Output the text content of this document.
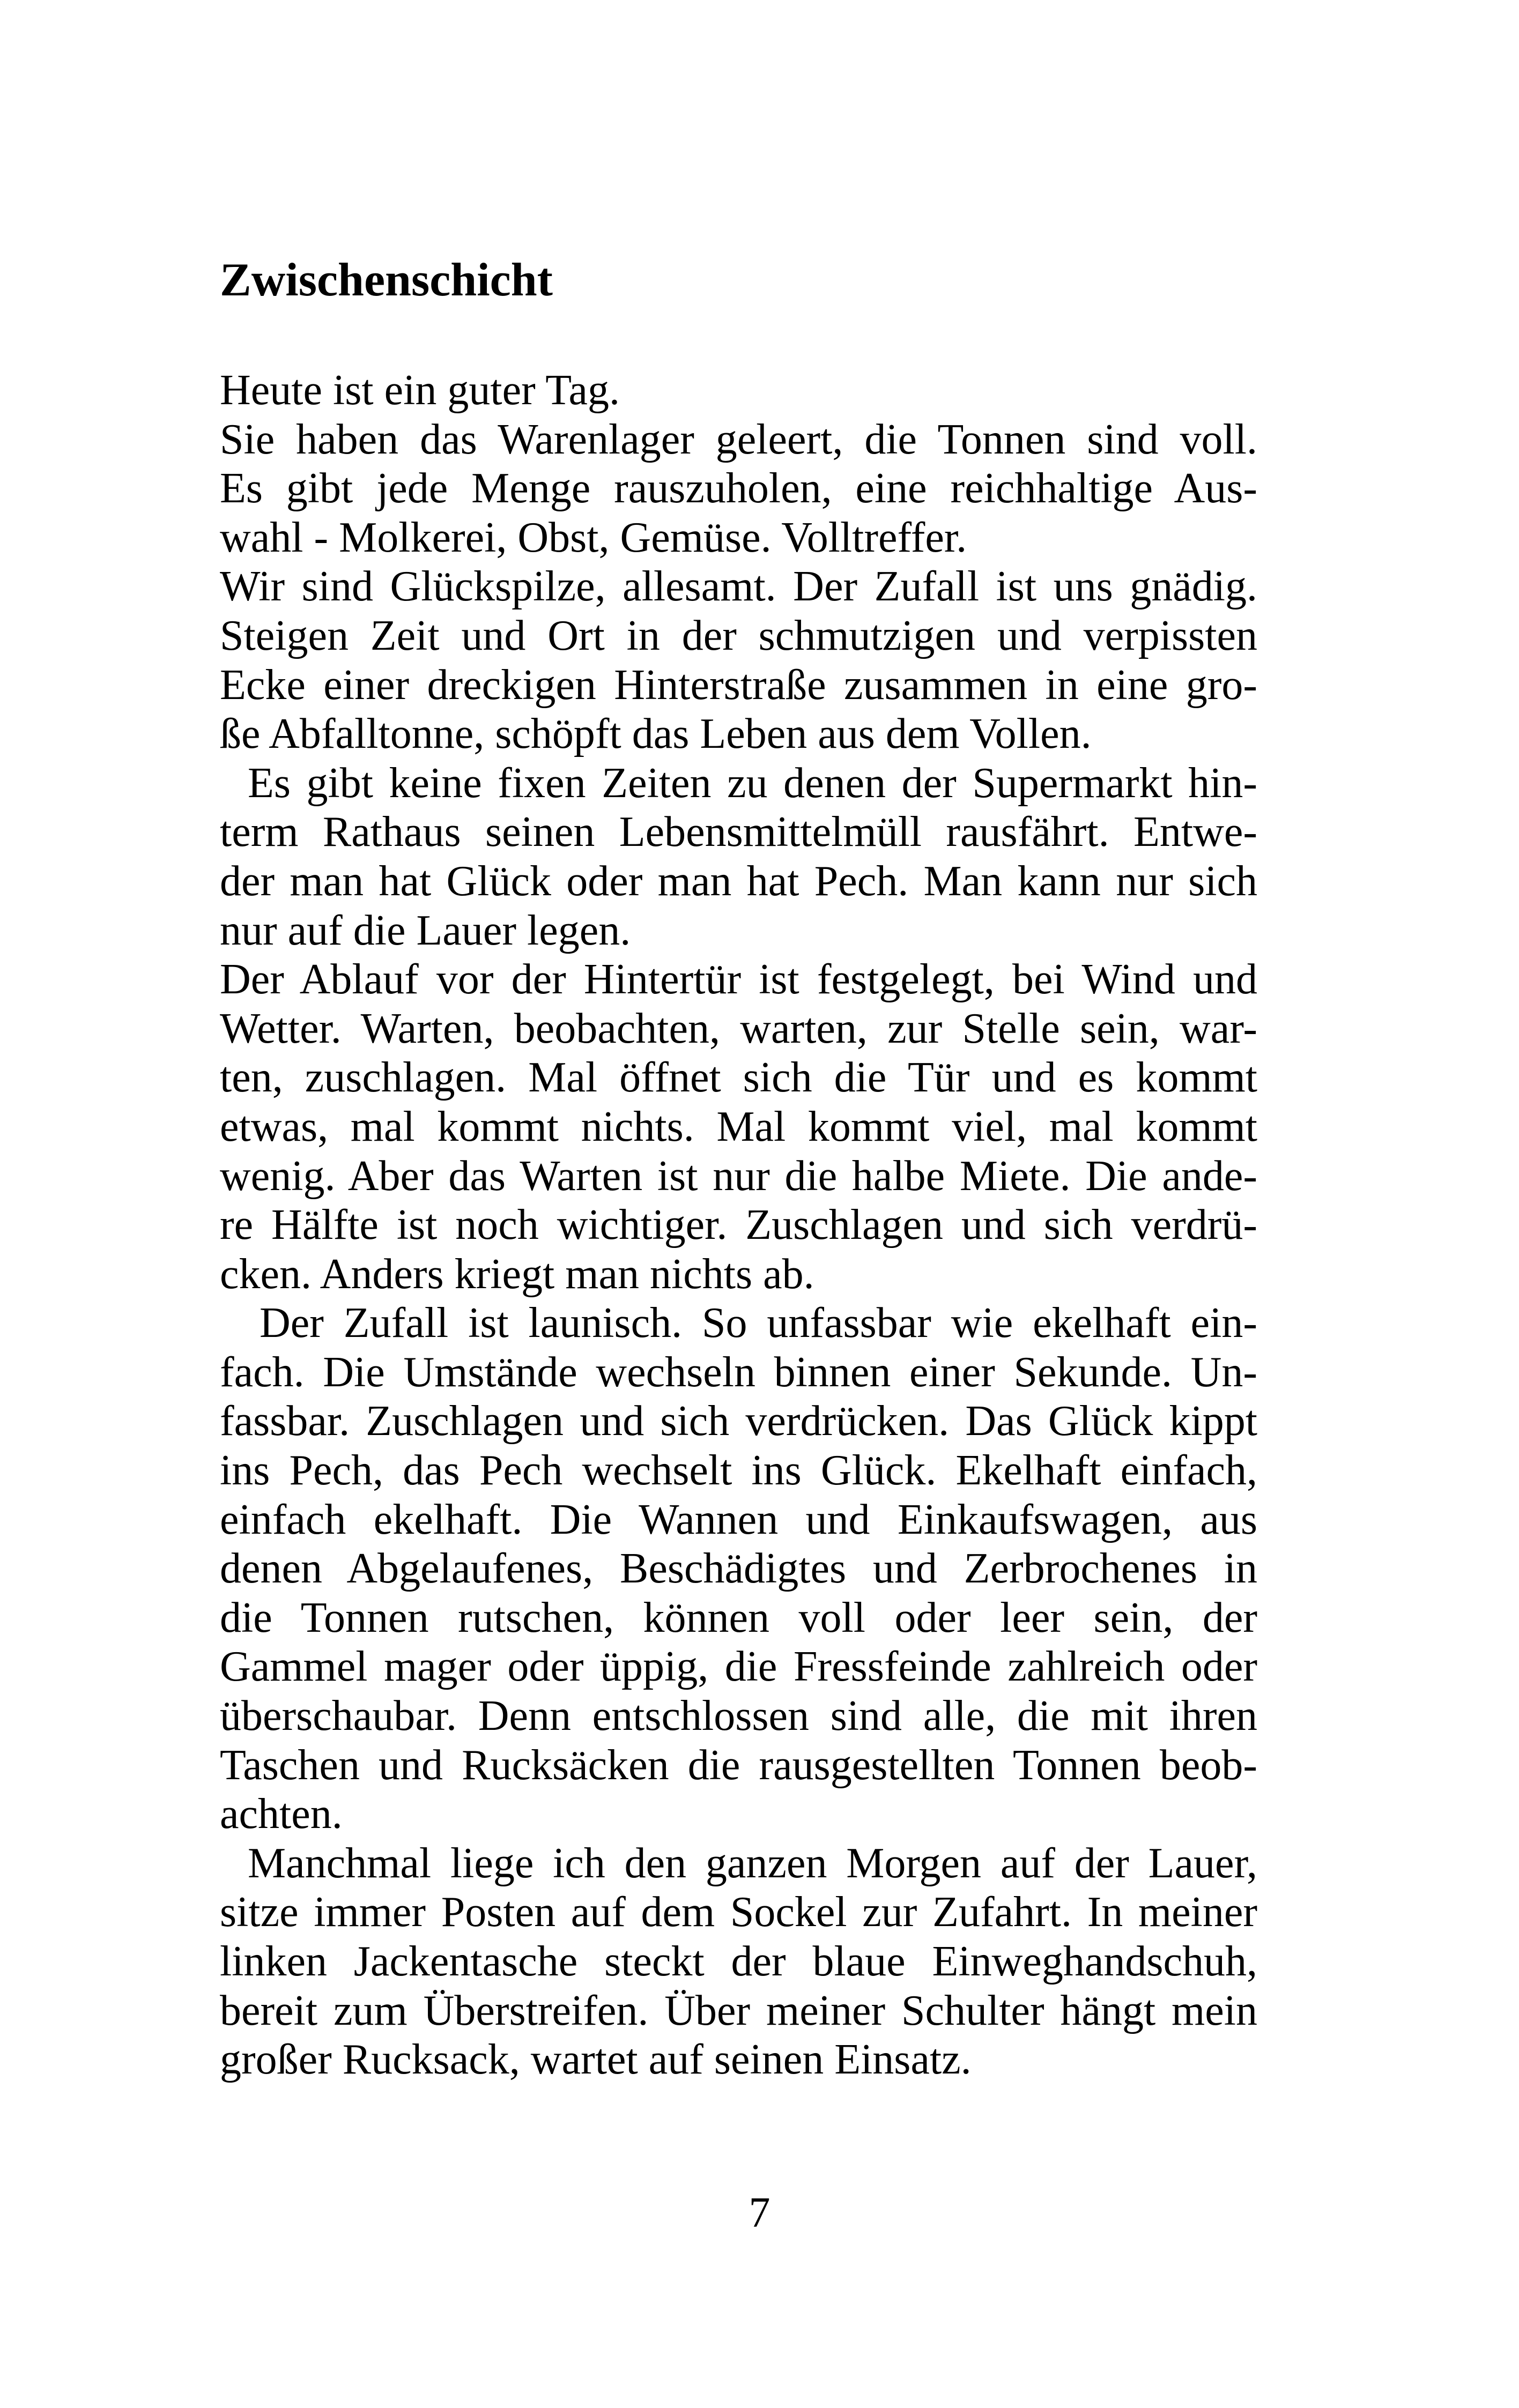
Zwischenschicht
Heute ist ein guter Tag.
Sie haben das Warenlager geleert, die Tonnen sind voll.
Es gibt jede Menge rauszuholen, eine reichhaltige Aus-
wahl - Molkerei, Obst, Gemüse. Volltreffer.
Wir sind Glückspilze, allesamt. Der Zufall ist uns gnädig.
Steigen Zeit und Ort in der schmutzigen und verpissten
Ecke einer dreckigen Hinterstraße zusammen in eine gro-
ße Abfalltonne, schöpft das Leben aus dem Vollen.
Es gibt keine fixen Zeiten zu denen der Supermarkt hin-
term Rathaus seinen Lebensmittelmüll rausfährt. Entwe-
der man hat Glück oder man hat Pech. Man kann nur sich
nur auf die Lauer legen.
Der Ablauf vor der Hintertür ist festgelegt, bei Wind und
Wetter. Warten, beobachten, warten, zur Stelle sein, war-
ten, zuschlagen. Mal öffnet sich die Tür und es kommt
etwas, mal kommt nichts. Mal kommt viel, mal kommt
wenig. Aber das Warten ist nur die halbe Miete. Die ande-
re Hälfte ist noch wichtiger. Zuschlagen und sich verdrü-
cken. Anders kriegt man nichts ab.
Der Zufall ist launisch. So unfassbar wie ekelhaft ein-
fach. Die Umstände wechseln binnen einer Sekunde. Un-
fassbar. Zuschlagen und sich verdrücken. Das Glück kippt
ins Pech, das Pech wechselt ins Glück. Ekelhaft einfach,
einfach ekelhaft. Die Wannen und Einkaufswagen, aus
denen Abgelaufenes, Beschädigtes und Zerbrochenes in
die Tonnen rutschen, können voll oder leer sein, der
Gammel mager oder üppig, die Fressfeinde zahlreich oder
überschaubar. Denn entschlossen sind alle, die mit ihren
Taschen und Rucksäcken die rausgestellten Tonnen beob-
achten.
Manchmal liege ich den ganzen Morgen auf der Lauer,
sitze immer Posten auf dem Sockel zur Zufahrt. In meiner
linken Jackentasche steckt der blaue Einweghandschuh,
bereit zum Überstreifen. Über meiner Schulter hängt mein
großer Rucksack, wartet auf seinen Einsatz.
7
